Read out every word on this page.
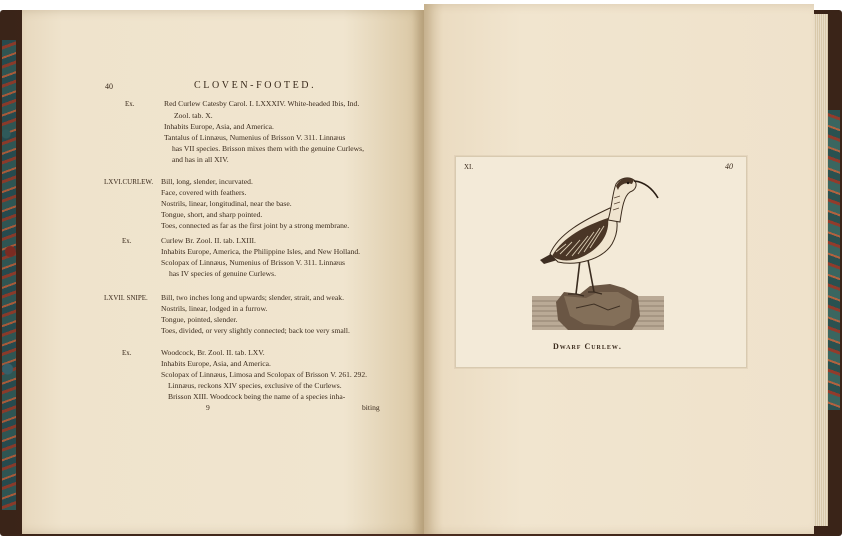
40	CLOVEN-FOOTED.
Ex.	Red Curlew Catesby Carol. I. LXXXIV. White-headed Ibis, Ind.
Zool. tab. X.
Inhabits Europe, Asia, and America.
Tantalus of Linnæus, Numenius of Brisson V. 311. Linnæus
has VII species. Brisson mixes them with the genuine Curlews,
and has in all XIV.
LXVI.CURLEW. Bill, long, slender, incurvated.
Face, covered with feathers.
Nostrils, linear, longitudinal, near the base.
Tongue, short, and sharp pointed.
Toes, connected as far as the first joint by a strong membrane.
Ex.	Curlew Br. Zool. II. tab. LXIII.
Inhabits Europe, America, the Philippine Isles, and New Holland.
Scolopax of Linnæus, Numenius of Brisson V. 311. Linnæus
has IV species of genuine Curlews.
LXVII. SNIPE. Bill, two inches long and upwards; slender, strait, and weak.
Nostrils, linear, lodged in a furrow.
Tongue, pointed, slender.
Toes, divided, or very slightly connected; back toe very small.
Ex.	Woodcock, Br. Zool. II. tab. LXV.
Inhabits Europe, Asia, and America.
Scolopax of Linnæus, Limosa and Scolopax of Brisson V. 261. 292.
Linnæus, reckons XIV species, exclusive of the Curlews.
Brisson XIII. Woodcock being the name of a species inha-
9	biting
XI.	40
Dwarf Curlew.
